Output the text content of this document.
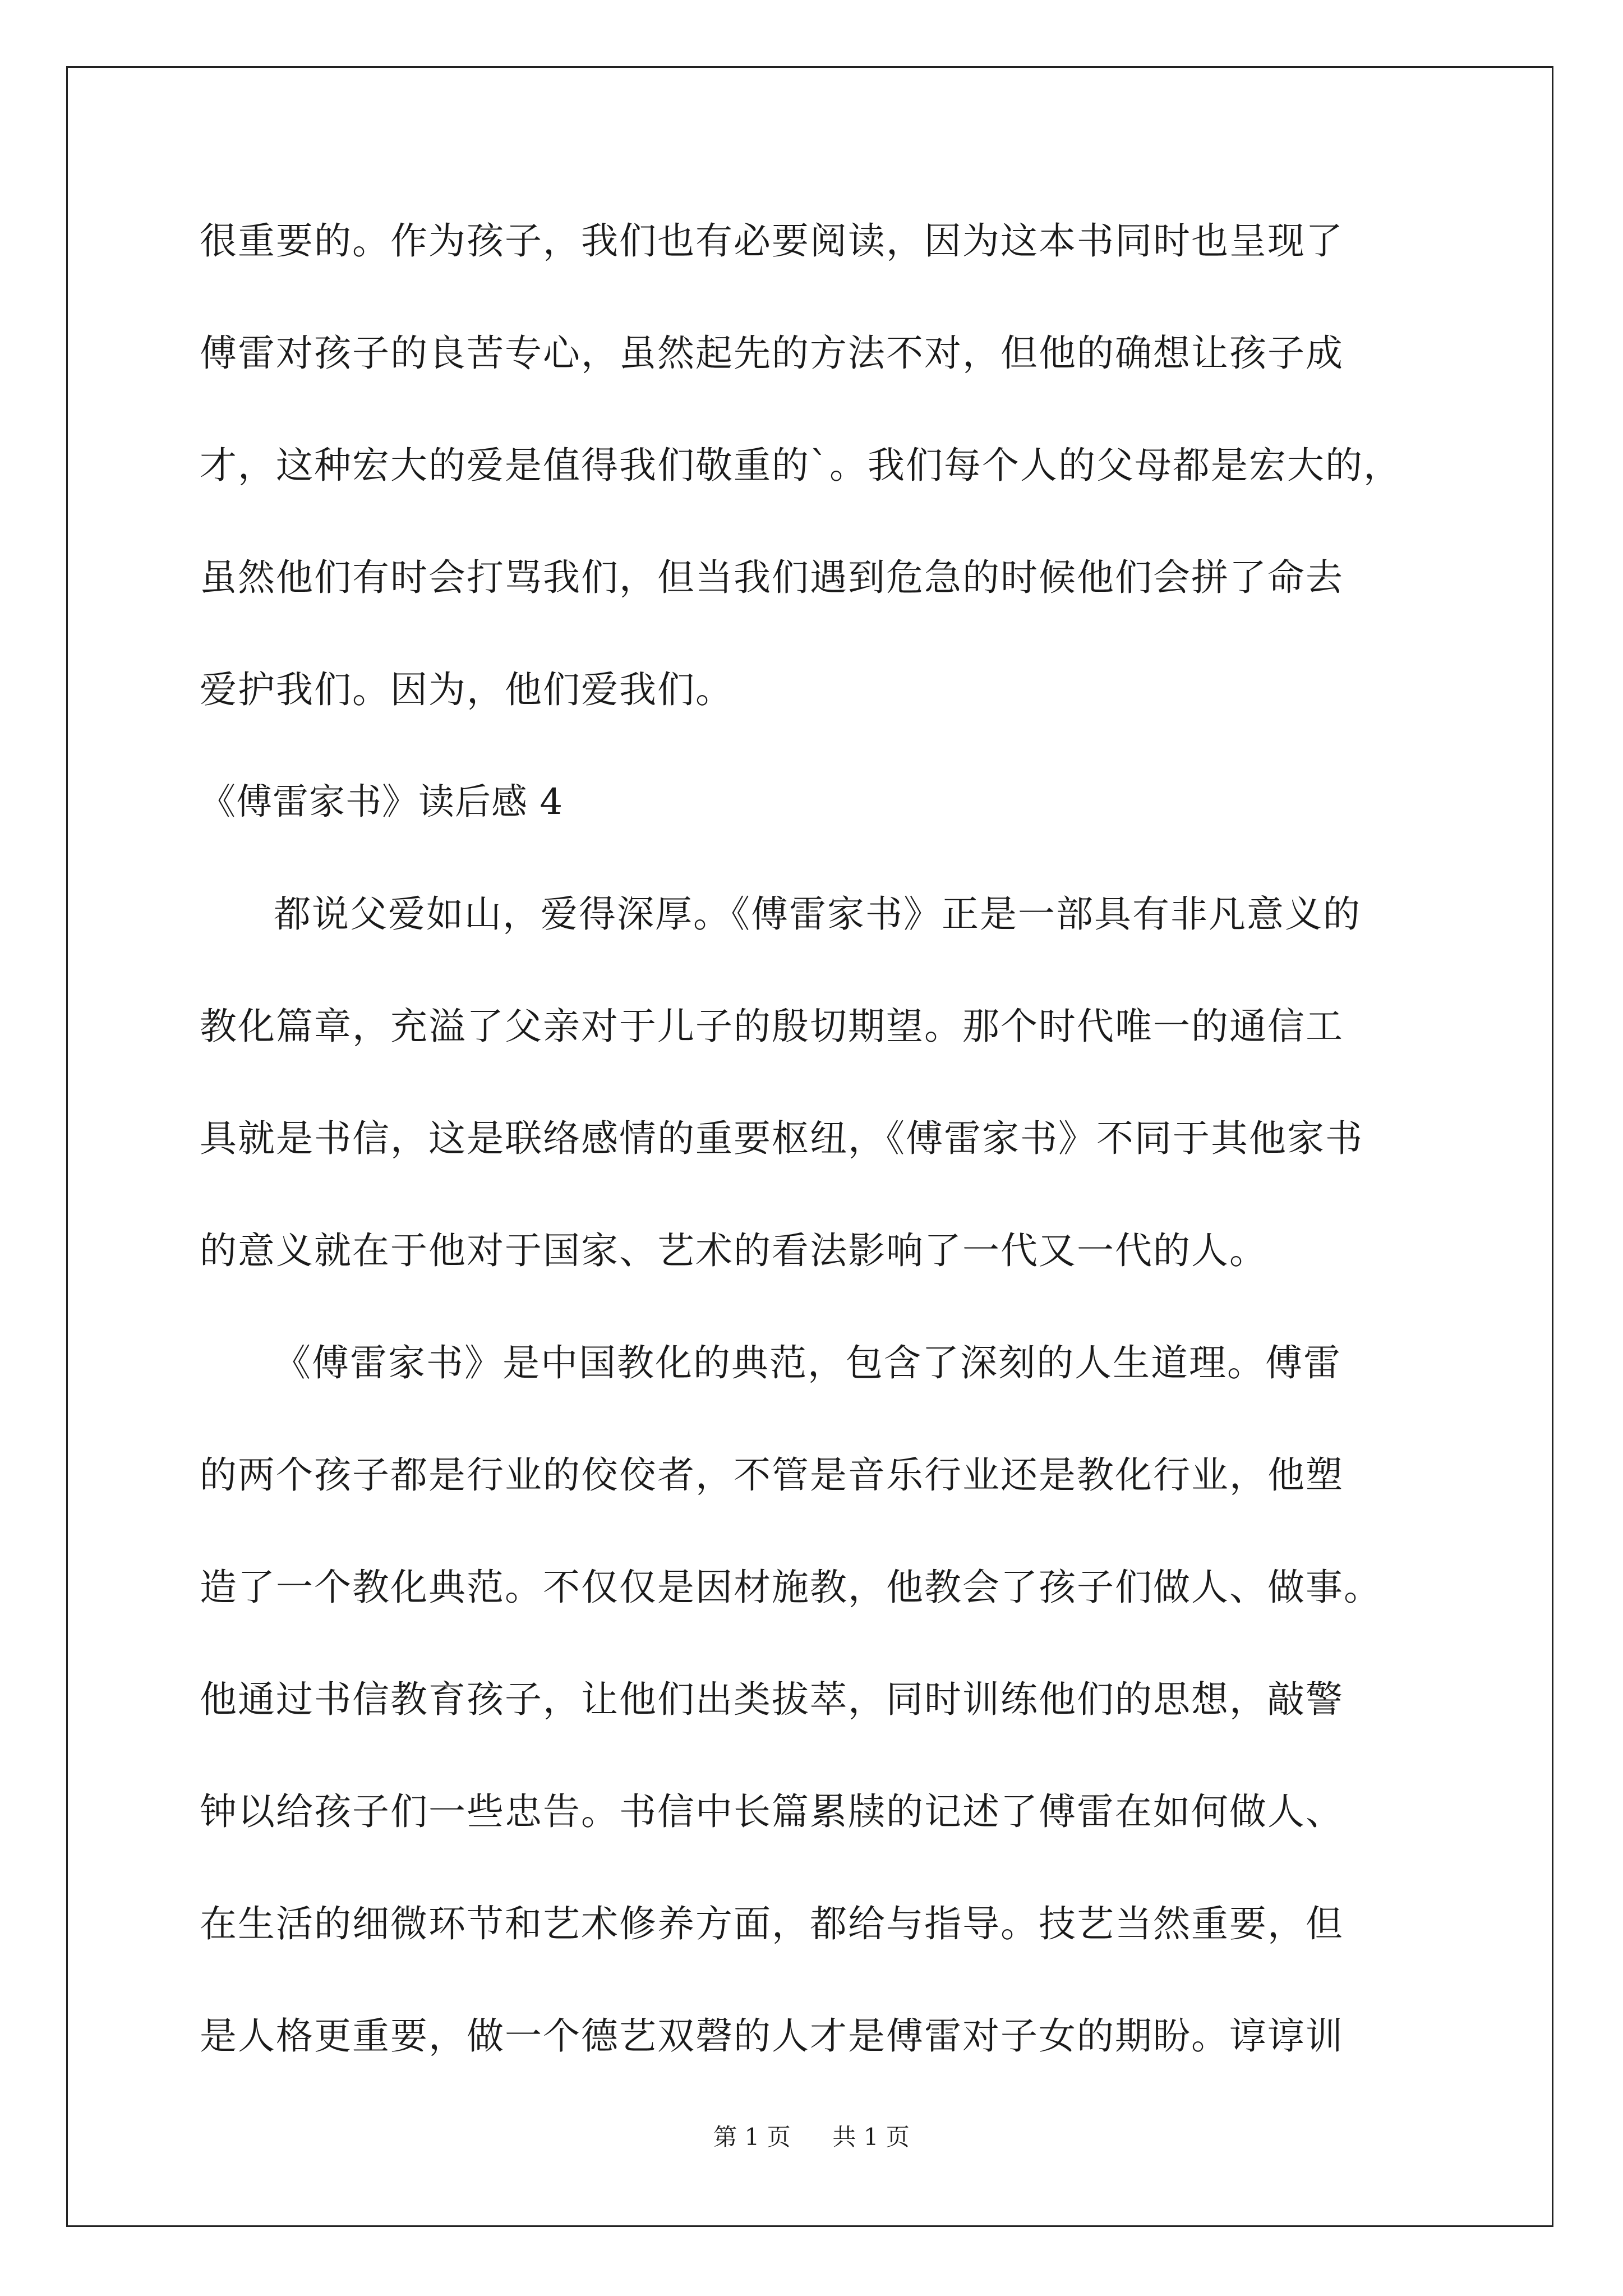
很重要的。作为孩子，我们也有必要阅读，因为这本书同时也呈现了
傅雷对孩子的良苦专心，虽然起先的方法不对，但他的确想让孩子成
才，这种宏大的爱是值得我们敬重的`。我们每个人的父母都是宏大的，
虽然他们有时会打骂我们，但当我们遇到危急的时候他们会拼了命去
爱护我们。因为，他们爱我们。
《傅雷家书》读后感 4
都说父爱如山，爱得深厚。《傅雷家书》正是一部具有非凡意义的
教化篇章，充溢了父亲对于儿子的殷切期望。那个时代唯一的通信工
具就是书信，这是联络感情的重要枢纽，《傅雷家书》不同于其他家书
的意义就在于他对于国家、艺术的看法影响了一代又一代的人。
《傅雷家书》是中国教化的典范，包含了深刻的人生道理。傅雷
的两个孩子都是行业的佼佼者，不管是音乐行业还是教化行业，他塑
造了一个教化典范。不仅仅是因材施教，他教会了孩子们做人、做事。
他通过书信教育孩子，让他们出类拔萃，同时训练他们的思想，敲警
钟以给孩子们一些忠告。书信中长篇累牍的记述了傅雷在如何做人、
在生活的细微环节和艺术修养方面，都给与指导。技艺当然重要，但
是人格更重要，做一个德艺双磬的人才是傅雷对子女的期盼。谆谆训
第 1 页 共 1 页
